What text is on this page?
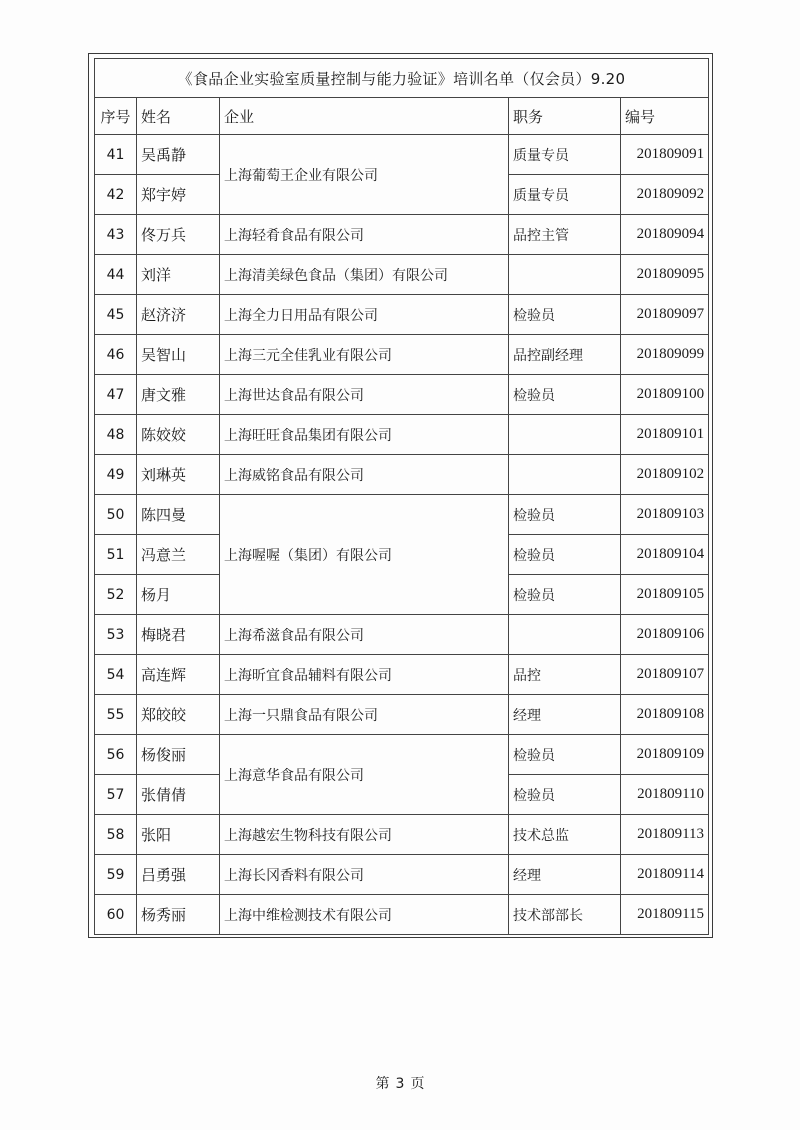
《食品企业实验室质量控制与能力验证》培训名单（仅会员）9.20				
序号	姓名	企业	职务	编号
41	吴禹静	上海葡萄王企业有限公司	质量专员	201809091
42	郑宇婷		质量专员	201809092
43	佟万兵	上海轻肴食品有限公司	品控主管	201809094
44	刘洋	上海清美绿色食品（集团）有限公司		201809095
45	赵济济	上海全力日用品有限公司	检验员	201809097
46	吴智山	上海三元全佳乳业有限公司	品控副经理	201809099
47	唐文雅	上海世达食品有限公司	检验员	201809100
48	陈姣姣	上海旺旺食品集团有限公司		201809101
49	刘琳英	上海威铭食品有限公司		201809102
50	陈四曼	上海喔喔（集团）有限公司	检验员	201809103
51	冯意兰		检验员	201809104
52	杨月		检验员	201809105
53	梅晓君	上海希滋食品有限公司		201809106
54	高连辉	上海昕宜食品辅料有限公司	品控	201809107
55	郑皎皎	上海一只鼎食品有限公司	经理	201809108
56	杨俊丽	上海意华食品有限公司	检验员	201809109
57	张倩倩		检验员	201809110
58	张阳	上海越宏生物科技有限公司	技术总监	201809113
59	吕勇强	上海长冈香料有限公司	经理	201809114
60	杨秀丽	上海中维检测技术有限公司	技术部部长	201809115
第 3 页
